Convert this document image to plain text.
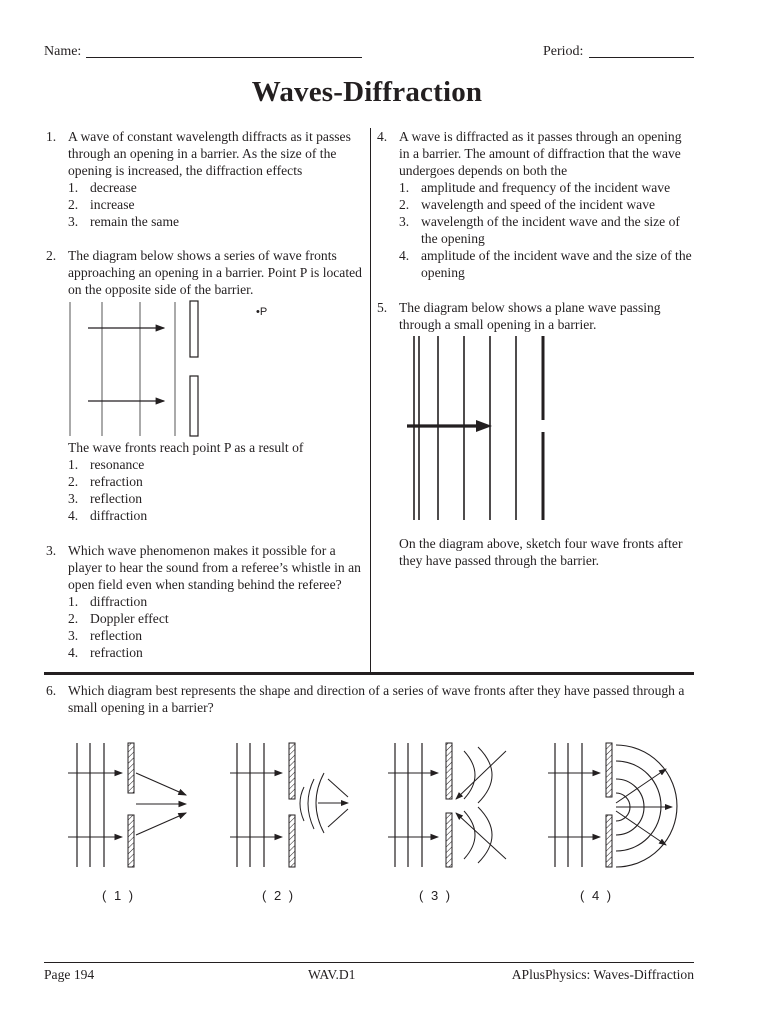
Name:	Period:
Waves-Diffraction
1. A wave of constant wavelength diffracts as it passes through an opening in a barrier. As the size of the opening is increased, the diffraction effects

1. decrease
2. increase
3. remain the same
2. The diagram below shows a series of wave fronts approaching an opening in a barrier. Point P is located on the opposite side of the barrier.

•P

The wave fronts reach point P as a result of

1. resonance
2. refraction
3. reflection
4. diffraction
3. Which wave phenomenon makes it possible for a player to hear the sound from a referee’s whistle in an open field even when standing behind the referee?

1. diffraction
2. Doppler effect
3. reflection
4. refraction
4. A wave is diffracted as it passes through an opening in a barrier. The amount of diffraction that the wave undergoes depends on both the

1. amplitude and frequency of the incident wave
2. wavelength and speed of the incident wave
3. wavelength of the incident wave and the size of the opening
4. amplitude of the incident wave and the size of the opening
5. The diagram below shows a plane wave passing through a small opening in a barrier.

On the diagram above, sketch four wave fronts after they have passed through the barrier.

6. Which diagram best represents the shape and direction of a series of wave fronts after they have passed through a small opening in a barrier?

( 1 )	( 2 )	( 3 )	( 4 )
Page 194	WAV.D1	APlusPhysics: Waves-Diffraction
